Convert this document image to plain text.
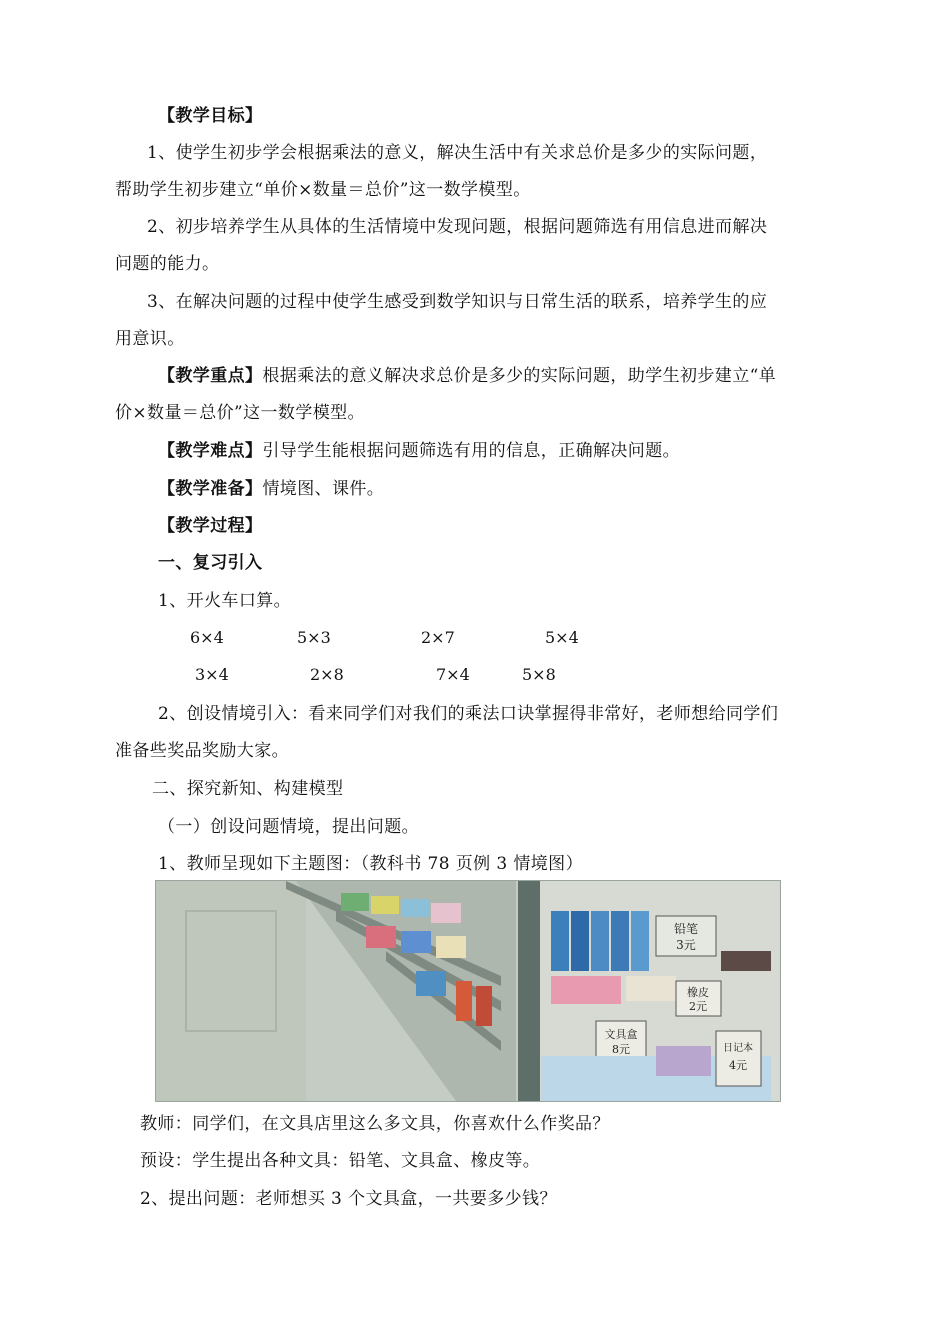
【教学目标】
1、使学生初步学会根据乘法的意义，解决生活中有关求总价是多少的实际问题，
帮助学生初步建立“单价×数量＝总价”这一数学模型。
2、初步培养学生从具体的生活情境中发现问题，根据问题筛选有用信息进而解决
问题的能力。
3、在解决问题的过程中使学生感受到数学知识与日常生活的联系，培养学生的应
用意识。
【教学重点】根据乘法的意义解决求总价是多少的实际问题，助学生初步建立“单
价×数量＝总价”这一数学模型。
【教学难点】引导学生能根据问题筛选有用的信息，正确解决问题。
【教学准备】情境图、课件。
【教学过程】
一、复习引入
1、开火车口算。
6×4	5×3	2×7	5×4
3×4	2×8	7×4	5×8
2、创设情境引入：看来同学们对我们的乘法口诀掌握得非常好，老师想给同学们
准备些奖品奖励大家。
二、探究新知、构建模型
（一）创设问题情境，提出问题。
1、教师呈现如下主题图：（教科书 78 页例 3 情境图）
铅笔
3元
橡皮
2元
文具盒
8元	日记本
4元
教师：同学们，在文具店里这么多文具，你喜欢什么作奖品？
预设：学生提出各种文具：铅笔、文具盒、橡皮等。
2、提出问题：老师想买 3 个文具盒，一共要多少钱？
